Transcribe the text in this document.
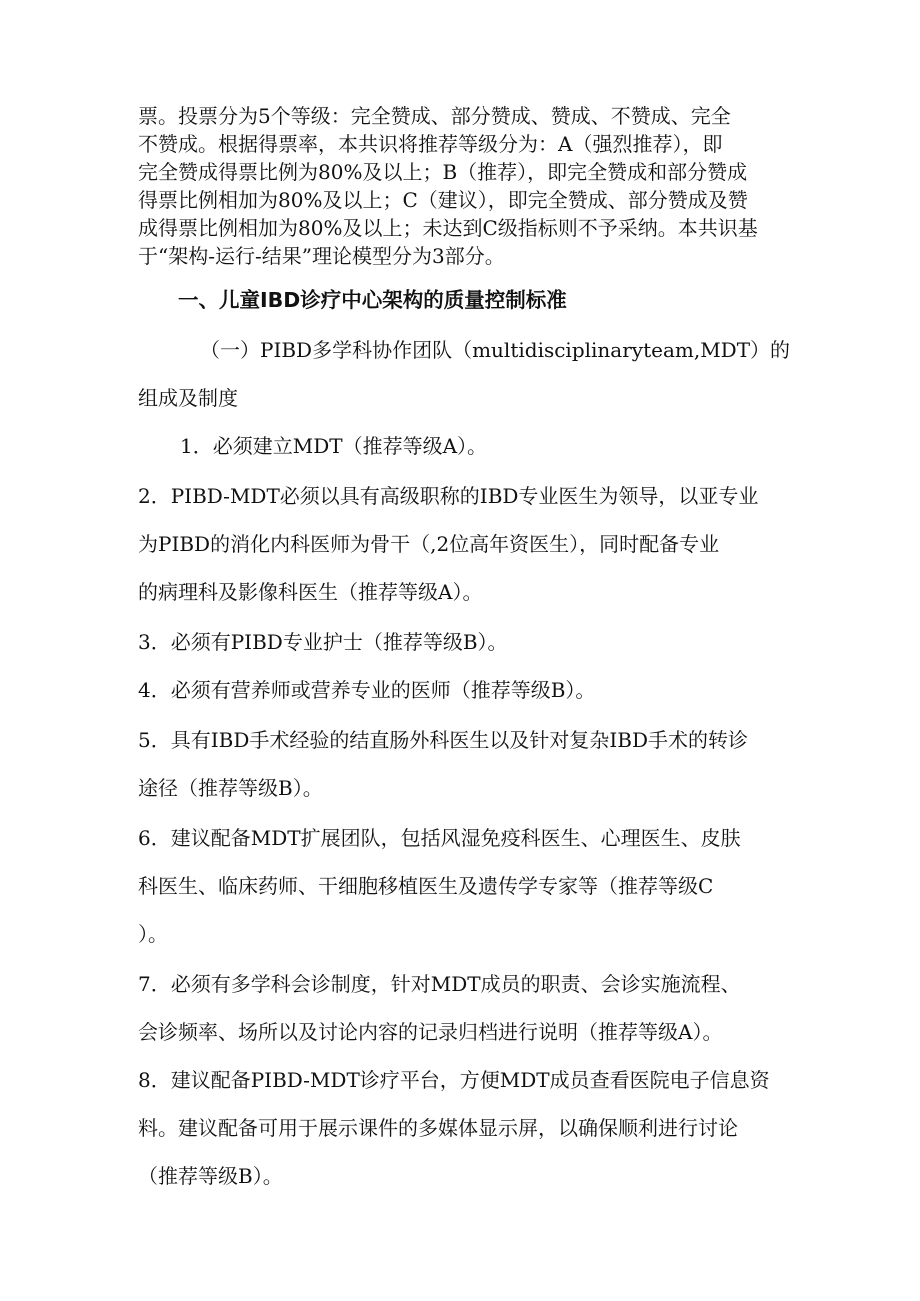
票。投票分为5个等级：完全赞成、部分赞成、赞成、不赞成、完全
不赞成。根据得票率，本共识将推荐等级分为：A（强烈推荐），即
完全赞成得票比例为80%及以上；B（推荐），即完全赞成和部分赞成
得票比例相加为80%及以上；C（建议），即完全赞成、部分赞成及赞
成得票比例相加为80%及以上；未达到C级指标则不予采纳。本共识基
于“架构-运行-结果”理论模型分为3部分。
一、儿童IBD诊疗中心架构的质量控制标准
（一）PIBD多学科协作团队（multidisciplinaryteam,MDT）的
组成及制度
1．必须建立MDT（推荐等级A）。
2．PIBD-MDT必须以具有高级职称的IBD专业医生为领导，以亚专业
为PIBD的消化内科医师为骨干（,2位高年资医生），同时配备专业
的病理科及影像科医生（推荐等级A）。
3．必须有PIBD专业护士（推荐等级B）。
4．必须有营养师或营养专业的医师（推荐等级B）。
5．具有IBD手术经验的结直肠外科医生以及针对复杂IBD手术的转诊
途径（推荐等级B）。
6．建议配备MDT扩展团队，包括风湿免疫科医生、心理医生、皮肤
科医生、临床药师、干细胞移植医生及遗传学专家等（推荐等级C
）。
7．必须有多学科会诊制度，针对MDT成员的职责、会诊实施流程、
会诊频率、场所以及讨论内容的记录归档进行说明（推荐等级A）。
8．建议配备PIBD-MDT诊疗平台，方便MDT成员查看医院电子信息资
料。建议配备可用于展示课件的多媒体显示屏，以确保顺利进行讨论
（推荐等级B）。
